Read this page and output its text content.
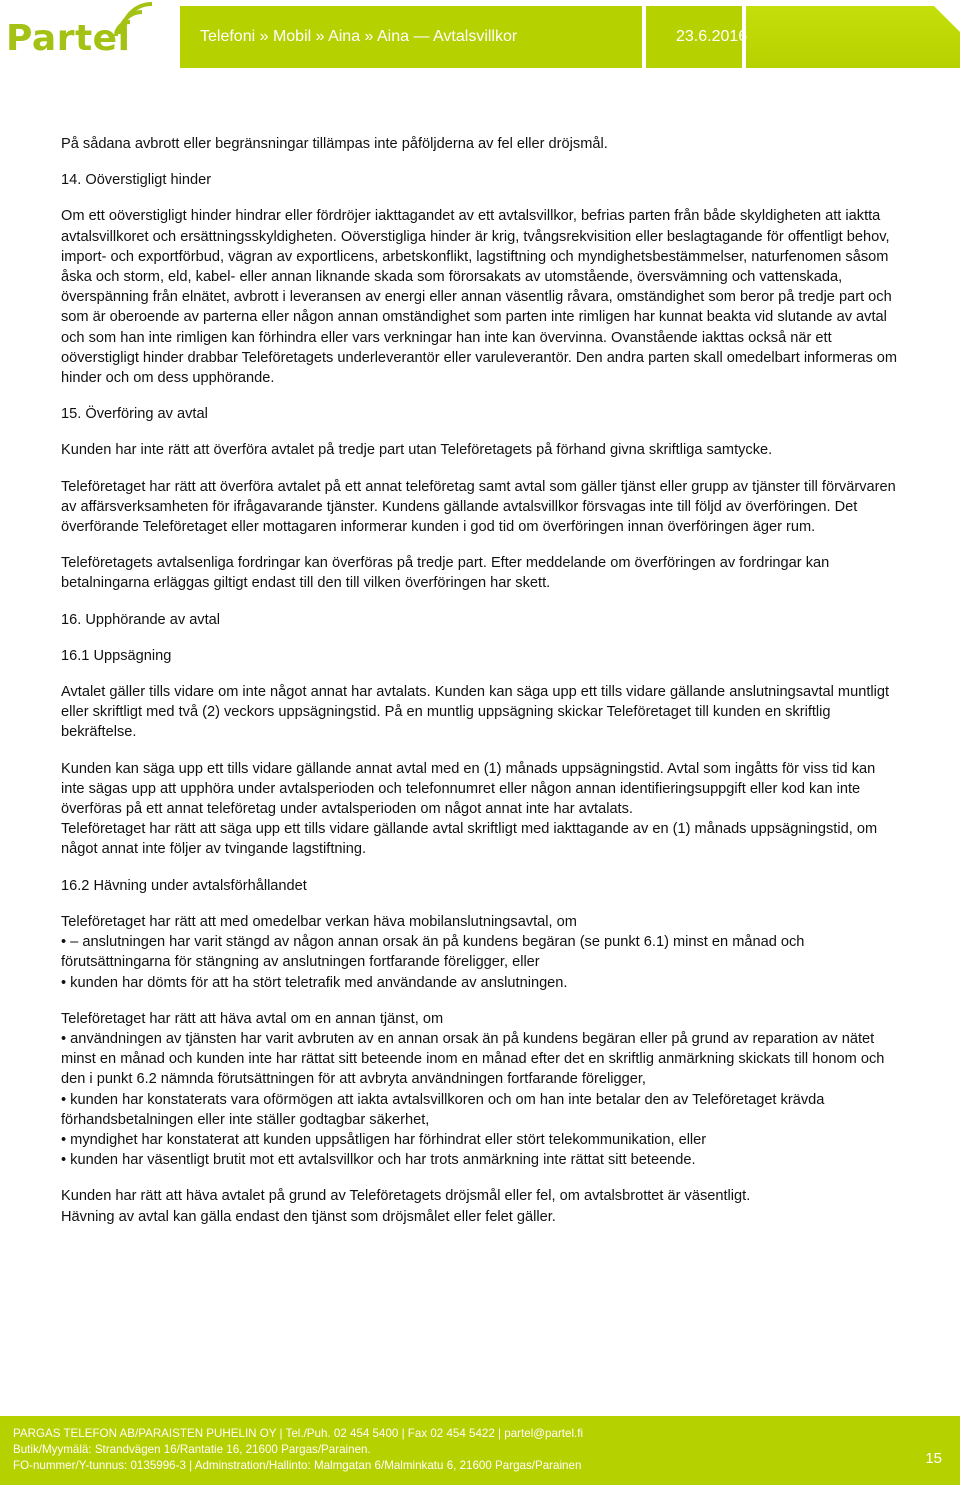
Partel	Telefoni » Mobil » Aina » Aina — Avtalsvillkor	23.6.2016

På sådana avbrott eller begränsningar tillämpas inte påföljderna av fel eller dröjsmål.

14. Oöverstigligt hinder

Om ett oöverstigligt hinder hindrar eller fördröjer iakttagandet av ett avtalsvillkor, befrias parten från både skyldigheten att iaktta avtalsvillkoret och ersättningsskyldigheten. Oöverstigliga hinder är krig, tvångsrekvisition eller beslagtagande för offentligt behov, import- och exportförbud, vägran av exportlicens, arbetskonflikt, lagstiftning och myndighetsbestämmelser, naturfenomen såsom åska och storm, eld, kabel- eller annan liknande skada som förorsakats av utomstående, översvämning och vattenskada, överspänning från elnätet, avbrott i leveransen av energi eller annan väsentlig råvara, omständighet som beror på tredje part och som är oberoende av parterna eller någon annan omständighet som parten inte rimligen har kunnat beakta vid slutande av avtal och som han inte rimligen kan förhindra eller vars verkningar han inte kan övervinna. Ovanstående iakttas också när ett oöverstigligt hinder drabbar Teleföretagets underleverantör eller varuleverantör. Den andra parten skall omedelbart informeras om hinder och om dess upphörande.

15. Överföring av avtal

Kunden har inte rätt att överföra avtalet på tredje part utan Teleföretagets på förhand givna skriftliga samtycke.

Teleföretaget har rätt att överföra avtalet på ett annat teleföretag samt avtal som gäller tjänst eller grupp av tjänster till förvärvaren av affärsverksamheten för ifrågavarande tjänster. Kundens gällande avtalsvillkor försvagas inte till följd av överföringen. Det överförande Teleföretaget eller mottagaren informerar kunden i god tid om överföringen innan överföringen äger rum.

Teleföretagets avtalsenliga fordringar kan överföras på tredje part. Efter meddelande om överföringen av fordringar kan betalningarna erläggas giltigt endast till den till vilken överföringen har skett.

16. Upphörande av avtal

16.1 Uppsägning

Avtalet gäller tills vidare om inte något annat har avtalats. Kunden kan säga upp ett tills vidare gällande anslutningsavtal muntligt eller skriftligt med två (2) veckors uppsägningstid. På en muntlig uppsägning skickar Teleföretaget till kunden en skriftlig bekräftelse.

Kunden kan säga upp ett tills vidare gällande annat avtal med en (1) månads uppsägningstid. Avtal som ingåtts för viss tid kan inte sägas upp att upphöra under avtalsperioden och telefonnumret eller någon annan identifieringsuppgift eller kod kan inte överföras på ett annat teleföretag under avtalsperioden om något annat inte har avtalats.

Teleföretaget har rätt att säga upp ett tills vidare gällande avtal skriftligt med iakttagande av en (1) månads uppsägningstid, om något annat inte följer av tvingande lagstiftning.

16.2 Hävning under avtalsförhållandet

Teleföretaget har rätt att med omedelbar verkan häva mobilanslutningsavtal, om

• – anslutningen har varit stängd av någon annan orsak än på kundens begäran (se punkt 6.1) minst en månad och förutsättningarna för stängning av anslutningen fortfarande föreligger, eller

• kunden har dömts för att ha stört teletrafik med användande av anslutningen.

Teleföretaget har rätt att häva avtal om en annan tjänst, om

• användningen av tjänsten har varit avbruten av en annan orsak än på kundens begäran eller på grund av reparation av nätet minst en månad och kunden inte har rättat sitt beteende inom en månad efter det en skriftlig anmärkning skickats till honom och den i punkt 6.2 nämnda förutsättningen för att avbryta användningen fortfarande föreligger,

• kunden har konstaterats vara oförmögen att iakta avtalsvillkoren och om han inte betalar den av Teleföretaget krävda förhandsbetalningen eller inte ställer godtagbar säkerhet,

• myndighet har konstaterat att kunden uppsåtligen har förhindrat eller stört telekommunikation, eller

• kunden har väsentligt brutit mot ett avtalsvillkor och har trots anmärkning inte rättat sitt beteende.

Kunden har rätt att häva avtalet på grund av Teleföretagets dröjsmål eller fel, om avtalsbrottet är väsentligt.

Hävning av avtal kan gälla endast den tjänst som dröjsmålet eller felet gäller.

PARGAS TELEFON AB/PARAISTEN PUHELIN OY | Tel./Puh. 02 454 5400 | Fax 02 454 5422 | partel@partel.fi
Butik/Myymälä: Strandvägen 16/Rantatie 16, 21600 Pargas/Parainen.
FO-nummer/Y-tunnus: 0135996-3 | Adminstration/Hallinto: Malmgatan 6/Malminkatu 6, 21600 Pargas/Parainen	15
